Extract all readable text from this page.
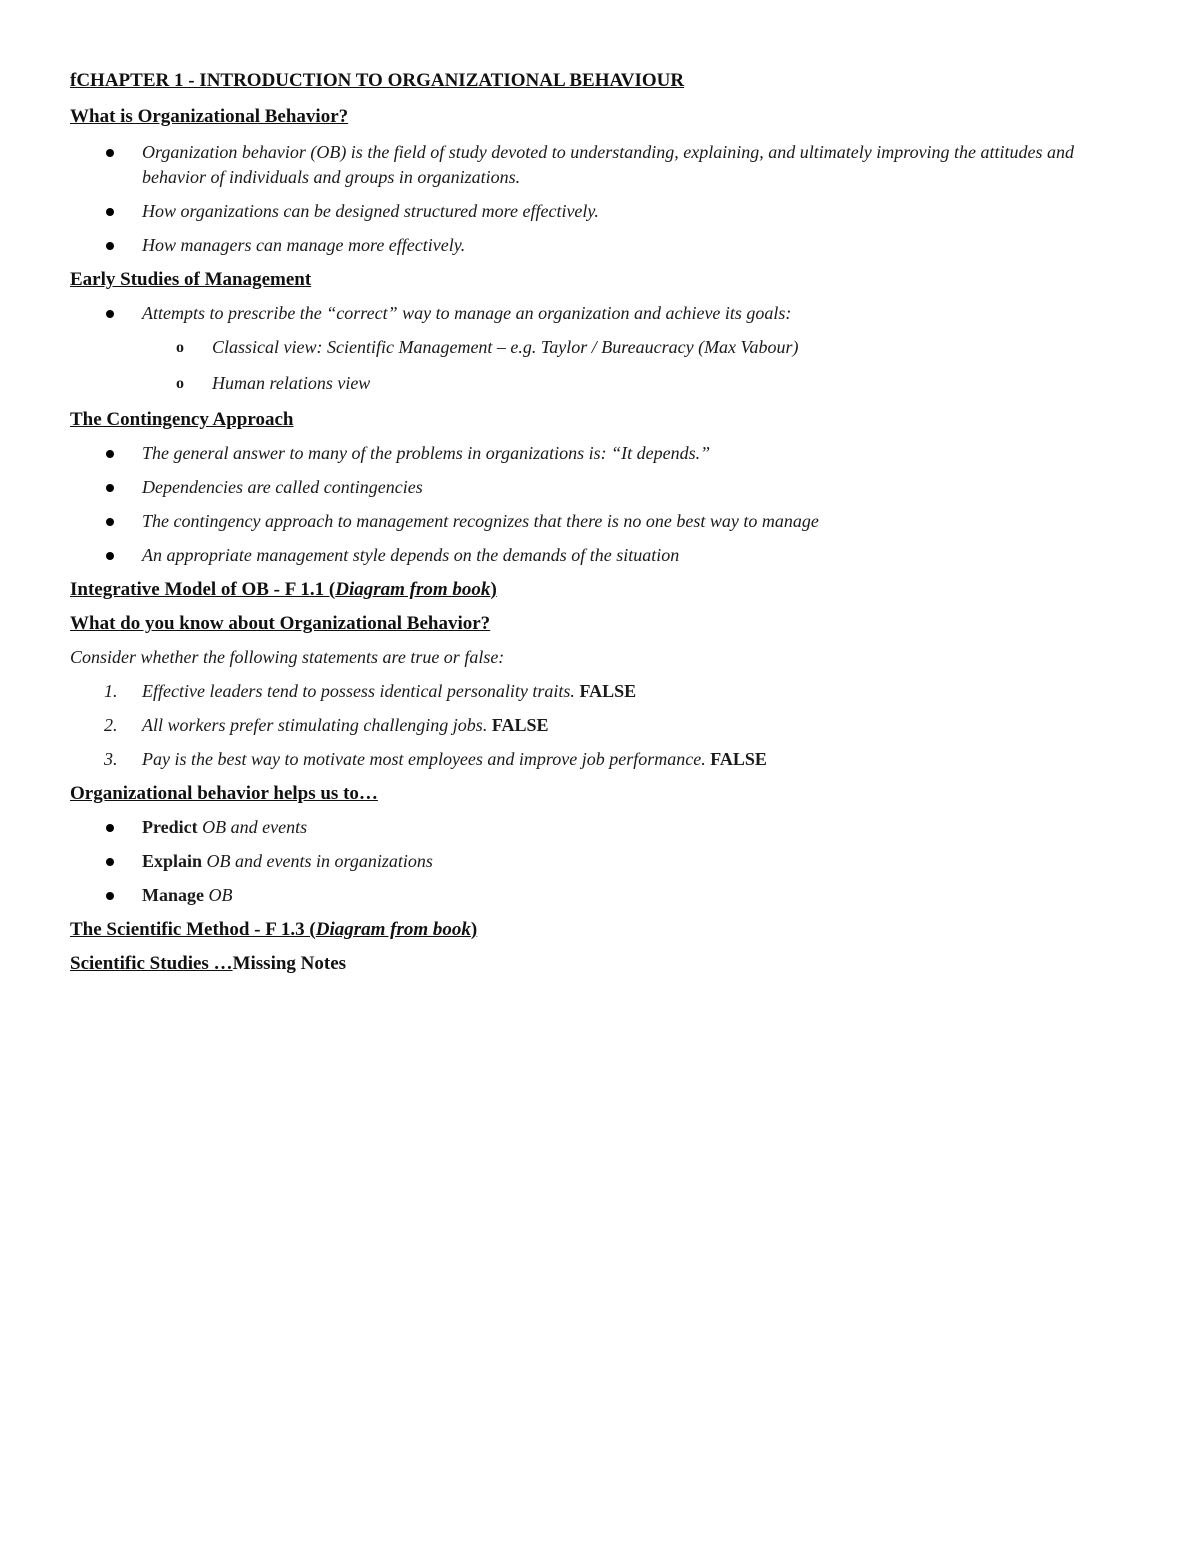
fCHAPTER 1 - INTRODUCTION TO ORGANIZATIONAL BEHAVIOUR

What is Organizational Behavior?

Organization behavior (OB) is the field of study devoted to understanding, explaining, and ultimately improving the attitudes and behavior of individuals and groups in organizations.
How organizations can be designed structured more effectively.
How managers can manage more effectively.

Early Studies of Management

Attempts to prescribe the “correct” way to manage an organization and achieve its goals:
o Classical view: Scientific Management – e.g. Taylor / Bureaucracy (Max Vabour)
o Human relations view

The Contingency Approach

The general answer to many of the problems in organizations is: “It depends.”
Dependencies are called contingencies
The contingency approach to management recognizes that there is no one best way to manage
An appropriate management style depends on the demands of the situation

Integrative Model of OB - F 1.1 (Diagram from book)

What do you know about Organizational Behavior?

Consider whether the following statements are true or false:

1. Effective leaders tend to possess identical personality traits. FALSE
2. All workers prefer stimulating challenging jobs. FALSE
3. Pay is the best way to motivate most employees and improve job performance. FALSE

Organizational behavior helps us to…

Predict OB and events
Explain OB and events in organizations
Manage OB

The Scientific Method - F 1.3 (Diagram from book)

Scientific Studies …Missing Notes
